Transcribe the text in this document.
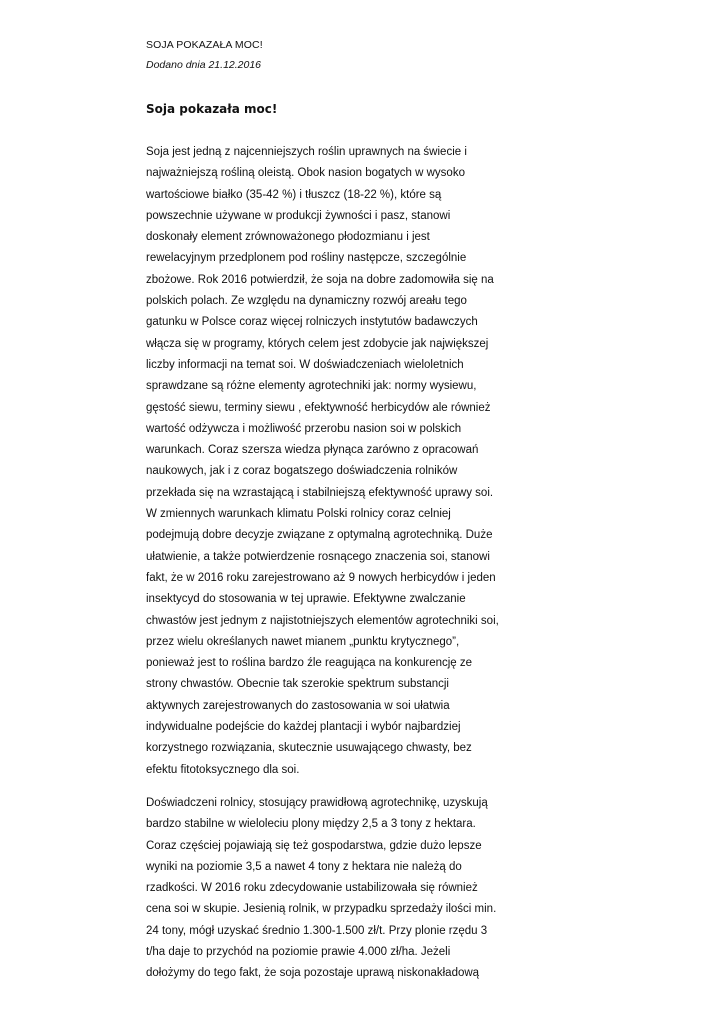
SOJA POKAZAŁA MOC!
Dodano dnia 21.12.2016
Soja pokazała moc!
Soja jest jedną z najcenniejszych roślin uprawnych na świecie i
najważniejszą rośliną oleistą. Obok nasion bogatych w wysoko
wartościowe białko (35-42 %) i tłuszcz (18-22 %), które są
powszechnie używane w produkcji żywności i pasz, stanowi
doskonały element zrównoważonego płodozmianu i jest
rewelacyjnym przedplonem pod rośliny następcze, szczególnie
zbożowe. Rok 2016 potwierdził, że soja na dobre zadomowiła się na
polskich polach. Ze względu na dynamiczny rozwój areału tego
gatunku w Polsce coraz więcej rolniczych instytutów badawczych
włącza się w programy, których celem jest zdobycie jak największej
liczby informacji na temat soi. W doświadczeniach wieloletnich
sprawdzane są różne elementy agrotechniki jak: normy wysiewu,
gęstość siewu, terminy siewu , efektywność herbicydów ale również
wartość odżywcza i możliwość przerobu nasion soi w polskich
warunkach. Coraz szersza wiedza płynąca zarówno z opracowań
naukowych, jak i z coraz bogatszego doświadczenia rolników
przekłada się na wzrastającą i stabilniejszą efektywność uprawy soi.
W zmiennych warunkach klimatu Polski rolnicy coraz celniej
podejmują dobre decyzje związane z optymalną agrotechniką. Duże
ułatwienie, a także potwierdzenie rosnącego znaczenia soi, stanowi
fakt, że w 2016 roku zarejestrowano aż 9 nowych herbicydów i jeden
insektycyd do stosowania w tej uprawie. Efektywne zwalczanie
chwastów jest jednym z najistotniejszych elementów agrotechniki soi,
przez wielu określanych nawet mianem „punktu krytycznego”,
ponieważ jest to roślina bardzo źle reagująca na konkurencję ze
strony chwastów. Obecnie tak szerokie spektrum substancji
aktywnych zarejestrowanych do zastosowania w soi ułatwia
indywidualne podejście do każdej plantacji i wybór najbardziej
korzystnego rozwiązania, skutecznie usuwającego chwasty, bez
efektu fitotoksycznego dla soi.
Doświadczeni rolnicy, stosujący prawidłową agrotechnikę, uzyskują
bardzo stabilne w wieloleciu plony między 2,5 a 3 tony z hektara.
Coraz częściej pojawiają się też gospodarstwa, gdzie dużo lepsze
wyniki na poziomie 3,5 a nawet 4 tony z hektara nie należą do
rzadkości. W 2016 roku zdecydowanie ustabilizowała się również
cena soi w skupie. Jesienią rolnik, w przypadku sprzedaży ilości min.
24 tony, mógł uzyskać średnio 1.300-1.500 zł/t. Przy plonie rzędu 3
t/ha daje to przychód na poziomie prawie 4.000 zł/ha. Jeżeli
dołożymy do tego fakt, że soja pozostaje uprawą niskonakładową
